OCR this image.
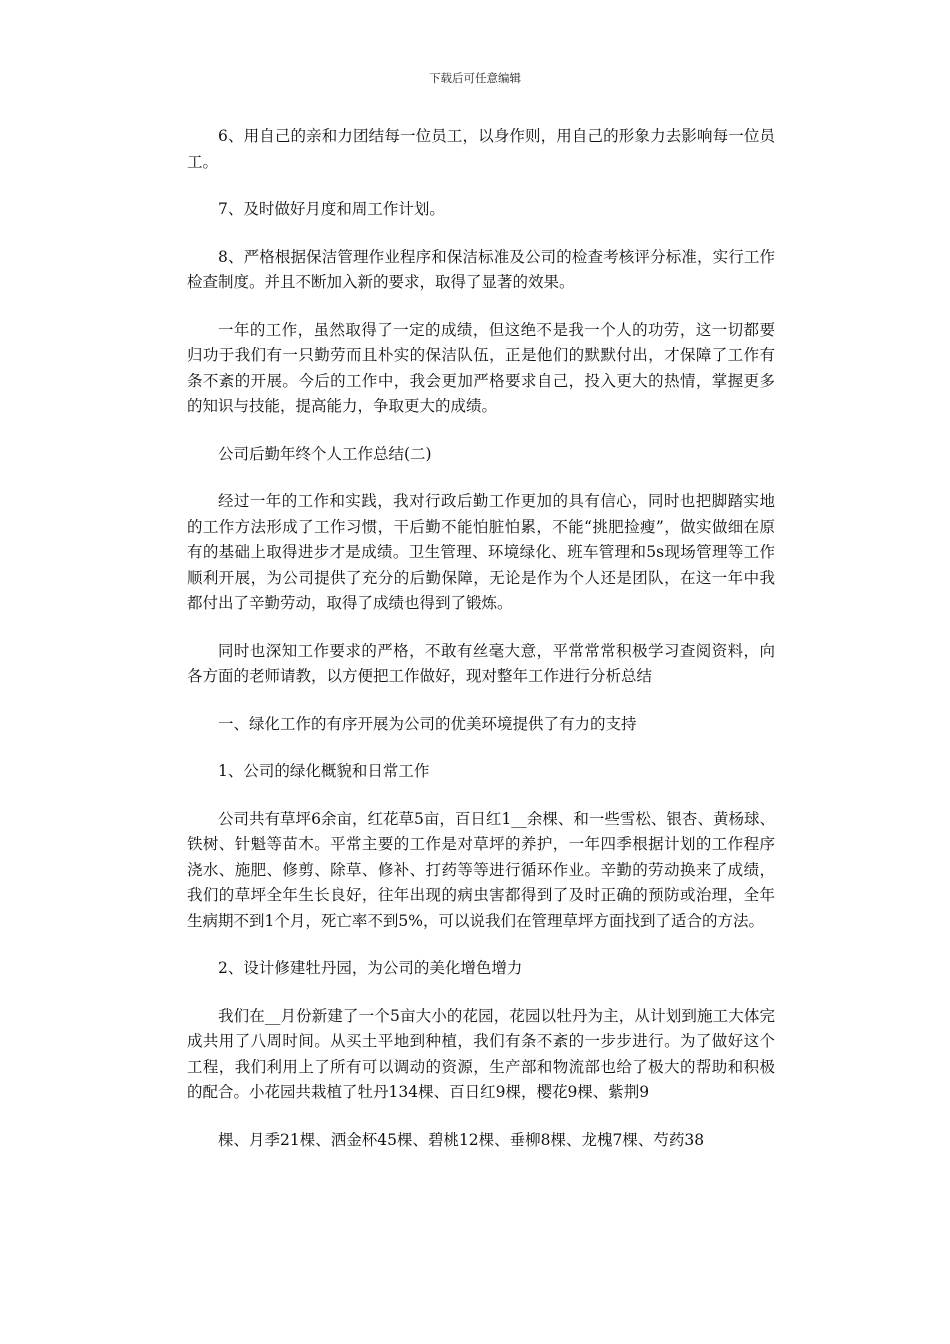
下载后可任意编辑

6、用自己的亲和力团结每一位员工，以身作则，用自己的形象力去影响每一位员工。

7、及时做好月度和周工作计划。

8、严格根据保洁管理作业程序和保洁标准及公司的检查考核评分标准，实行工作检查制度。并且不断加入新的要求，取得了显著的效果。

一年的工作，虽然取得了一定的成绩，但这绝不是我一个人的功劳，这一切都要归功于我们有一只勤劳而且朴实的保洁队伍，正是他们的默默付出，才保障了工作有条不紊的开展。今后的工作中，我会更加严格要求自己，投入更大的热情，掌握更多的知识与技能，提高能力，争取更大的成绩。

公司后勤年终个人工作总结(二)

经过一年的工作和实践，我对行政后勤工作更加的具有信心，同时也把脚踏实地的工作方法形成了工作习惯，干后勤不能怕脏怕累，不能“挑肥捡瘦”，做实做细在原有的基础上取得进步才是成绩。卫生管理、环境绿化、班车管理和5s现场管理等工作顺利开展，为公司提供了充分的后勤保障，无论是作为个人还是团队，在这一年中我都付出了辛勤劳动，取得了成绩也得到了锻炼。

同时也深知工作要求的严格，不敢有丝毫大意，平常常常积极学习查阅资料，向各方面的老师请教，以方便把工作做好，现对整年工作进行分析总结

一、绿化工作的有序开展为公司的优美环境提供了有力的支持

1、公司的绿化概貌和日常工作

公司共有草坪6余亩，红花草5亩，百日红1__余棵、和一些雪松、银杏、黄杨球、铁树、针魁等苗木。平常主要的工作是对草坪的养护，一年四季根据计划的工作程序浇水、施肥、修剪、除草、修补、打药等等进行循环作业。辛勤的劳动换来了成绩，我们的草坪全年生长良好，往年出现的病虫害都得到了及时正确的预防或治理，全年生病期不到1个月，死亡率不到5%，可以说我们在管理草坪方面找到了适合的方法。

2、设计修建牡丹园，为公司的美化增色增力

我们在__月份新建了一个5亩大小的花园，花园以牡丹为主，从计划到施工大体完成共用了八周时间。从买土平地到种植，我们有条不紊的一步步进行。为了做好这个工程，我们利用上了所有可以调动的资源，生产部和物流部也给了极大的帮助和积极的配合。小花园共栽植了牡丹134棵、百日红9棵，樱花9棵、紫荆9

棵、月季21棵、洒金杯45棵、碧桃12棵、垂柳8棵、龙槐7棵、芍药38
